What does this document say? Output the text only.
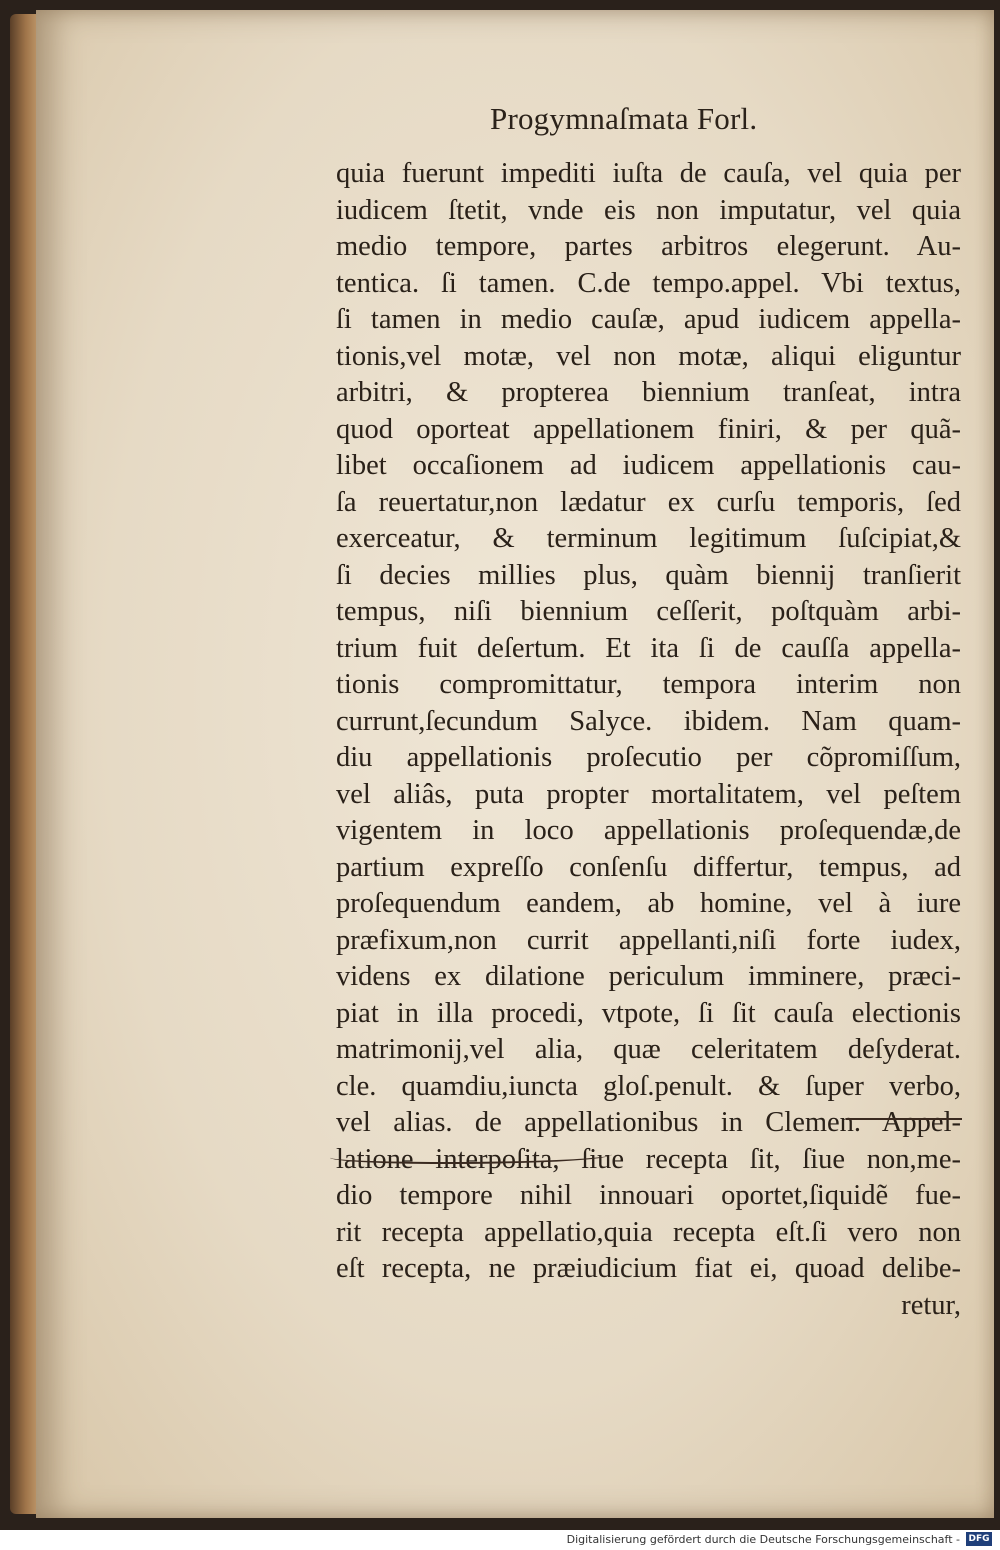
Progymnaſmata Forl.
quia fuerunt impediti iuſta de cauſa, vel quia per
iudicem ſtetit, vnde eis non imputatur, vel quia
medio tempore, partes arbitros elegerunt. Au-
tentica. ſi tamen. C.de tempo.appel. Vbi textus,
ſi tamen in medio cauſæ, apud iudicem appella-
tionis,vel motæ, vel non motæ, aliqui eliguntur
arbitri, & propterea biennium tranſeat, intra
quod oporteat appellationem finiri, & per quã-
libet occaſionem ad iudicem appellationis cau-
ſa reuertatur,non lædatur ex curſu temporis, ſed
exerceatur, & terminum legitimum ſuſcipiat,&
ſi decies millies plus, quàm biennij tranſierit
tempus, niſi biennium ceſſerit, poſtquàm arbi-
trium fuit deſertum. Et ita ſi de cauſſa appella-
tionis compromittatur, tempora interim non
currunt,ſecundum Salyce. ibidem. Nam quam-
diu appellationis proſecutio per cõpromiſſum,
vel aliâs, puta propter mortalitatem, vel peſtem
vigentem in loco appellationis proſequendæ,de
partium expreſſo conſenſu differtur, tempus, ad
proſequendum eandem, ab homine, vel à iure
præfixum,non currit appellanti,niſi forte iudex,
videns ex dilatione periculum imminere, præci-
piat in illa procedi, vtpote, ſi ſit cauſa electionis
matrimonij,vel alia, quæ celeritatem deſyderat.
cle. quamdiu,iuncta gloſ.penult. & ſuper verbo,
vel alias. de appellationibus in Clemen. Appel-
latione interpoſita, ſiue recepta ſit, ſiue non,me-
dio tempore nihil innouari oportet,ſiquidẽ fue-
rit recepta appellatio,quia recepta eſt.ſi vero non
eſt recepta, ne præiudicium fiat ei, quoad delibe-
retur,
Digitalisierung gefördert durch die Deutsche Forschungsgemeinschaft - DFG
